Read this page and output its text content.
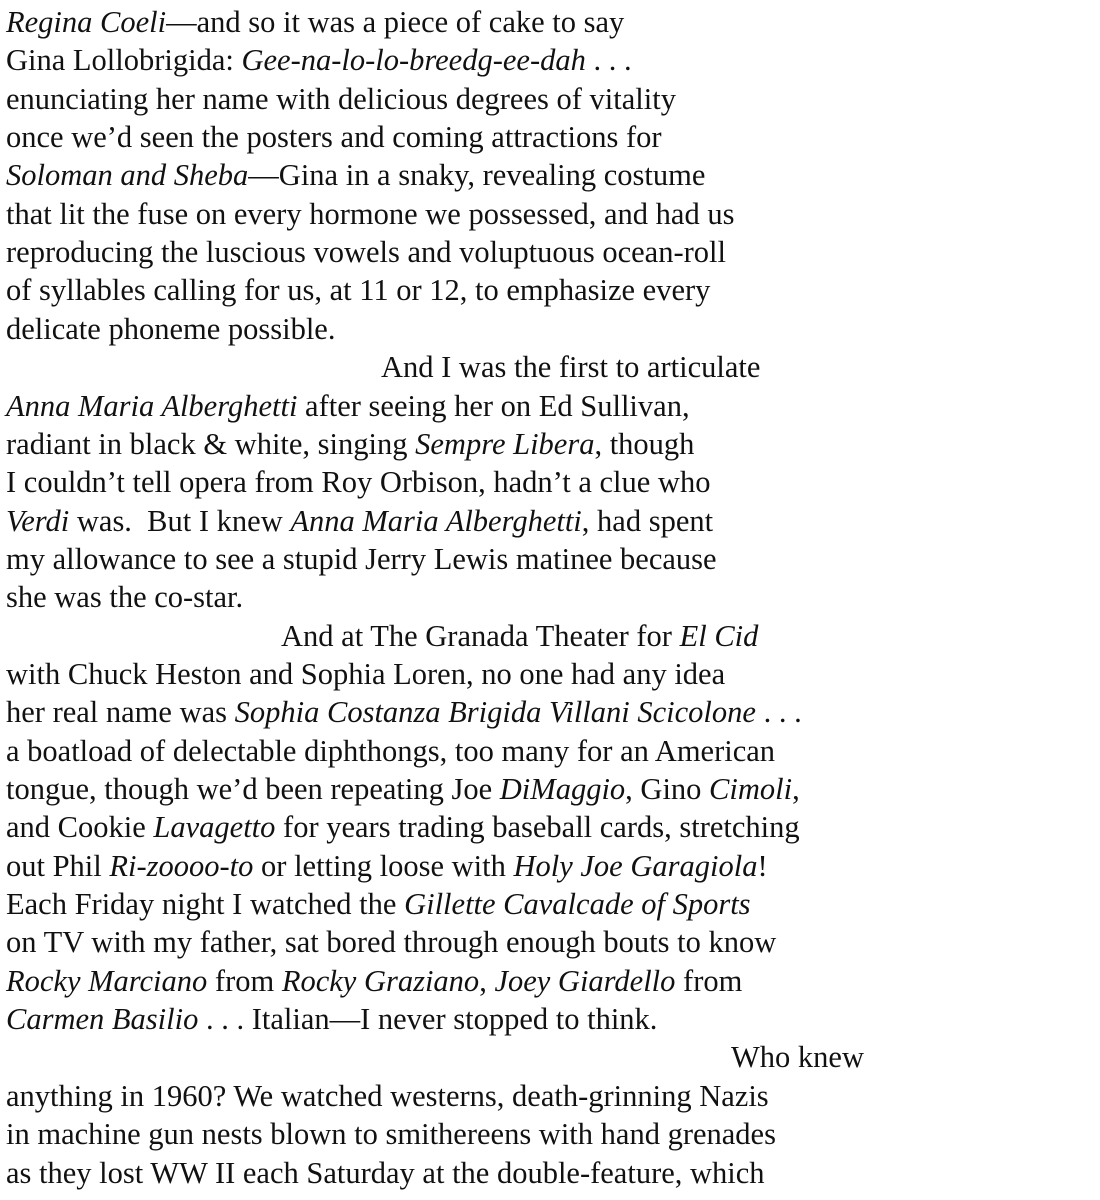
Regina Coeli—and so it was a piece of cake to say
Gina Lollobrigida: Gee-na-lo-lo-breedg-ee-dah . . .
enunciating her name with delicious degrees of vitality
once we’d seen the posters and coming attractions for
Soloman and Sheba—Gina in a snaky, revealing costume
that lit the fuse on every hormone we possessed, and had us
reproducing the luscious vowels and voluptuous ocean-roll
of syllables calling for us, at 11 or 12, to emphasize every
delicate phoneme possible.
And I was the first to articulate
Anna Maria Alberghetti after seeing her on Ed Sullivan,
radiant in black & white, singing Sempre Libera, though
I couldn’t tell opera from Roy Orbison, hadn’t a clue who
Verdi was.  But I knew Anna Maria Alberghetti, had spent
my allowance to see a stupid Jerry Lewis matinee because
she was the co-star.
And at The Granada Theater for El Cid
with Chuck Heston and Sophia Loren, no one had any idea
her real name was Sophia Costanza Brigida Villani Scicolone . . .
a boatload of delectable diphthongs, too many for an American
tongue, though we’d been repeating Joe DiMaggio, Gino Cimoli,
and Cookie Lavagetto for years trading baseball cards, stretching
out Phil Ri-zoooo-to or letting loose with Holy Joe Garagiola!
Each Friday night I watched the Gillette Cavalcade of Sports
on TV with my father, sat bored through enough bouts to know
Rocky Marciano from Rocky Graziano, Joey Giardello from
Carmen Basilio . . . Italian—I never stopped to think.
Who knew
anything in 1960? We watched westerns, death-grinning Nazis
in machine gun nests blown to smithereens with hand grenades
as they lost WW II each Saturday at the double-feature, which
